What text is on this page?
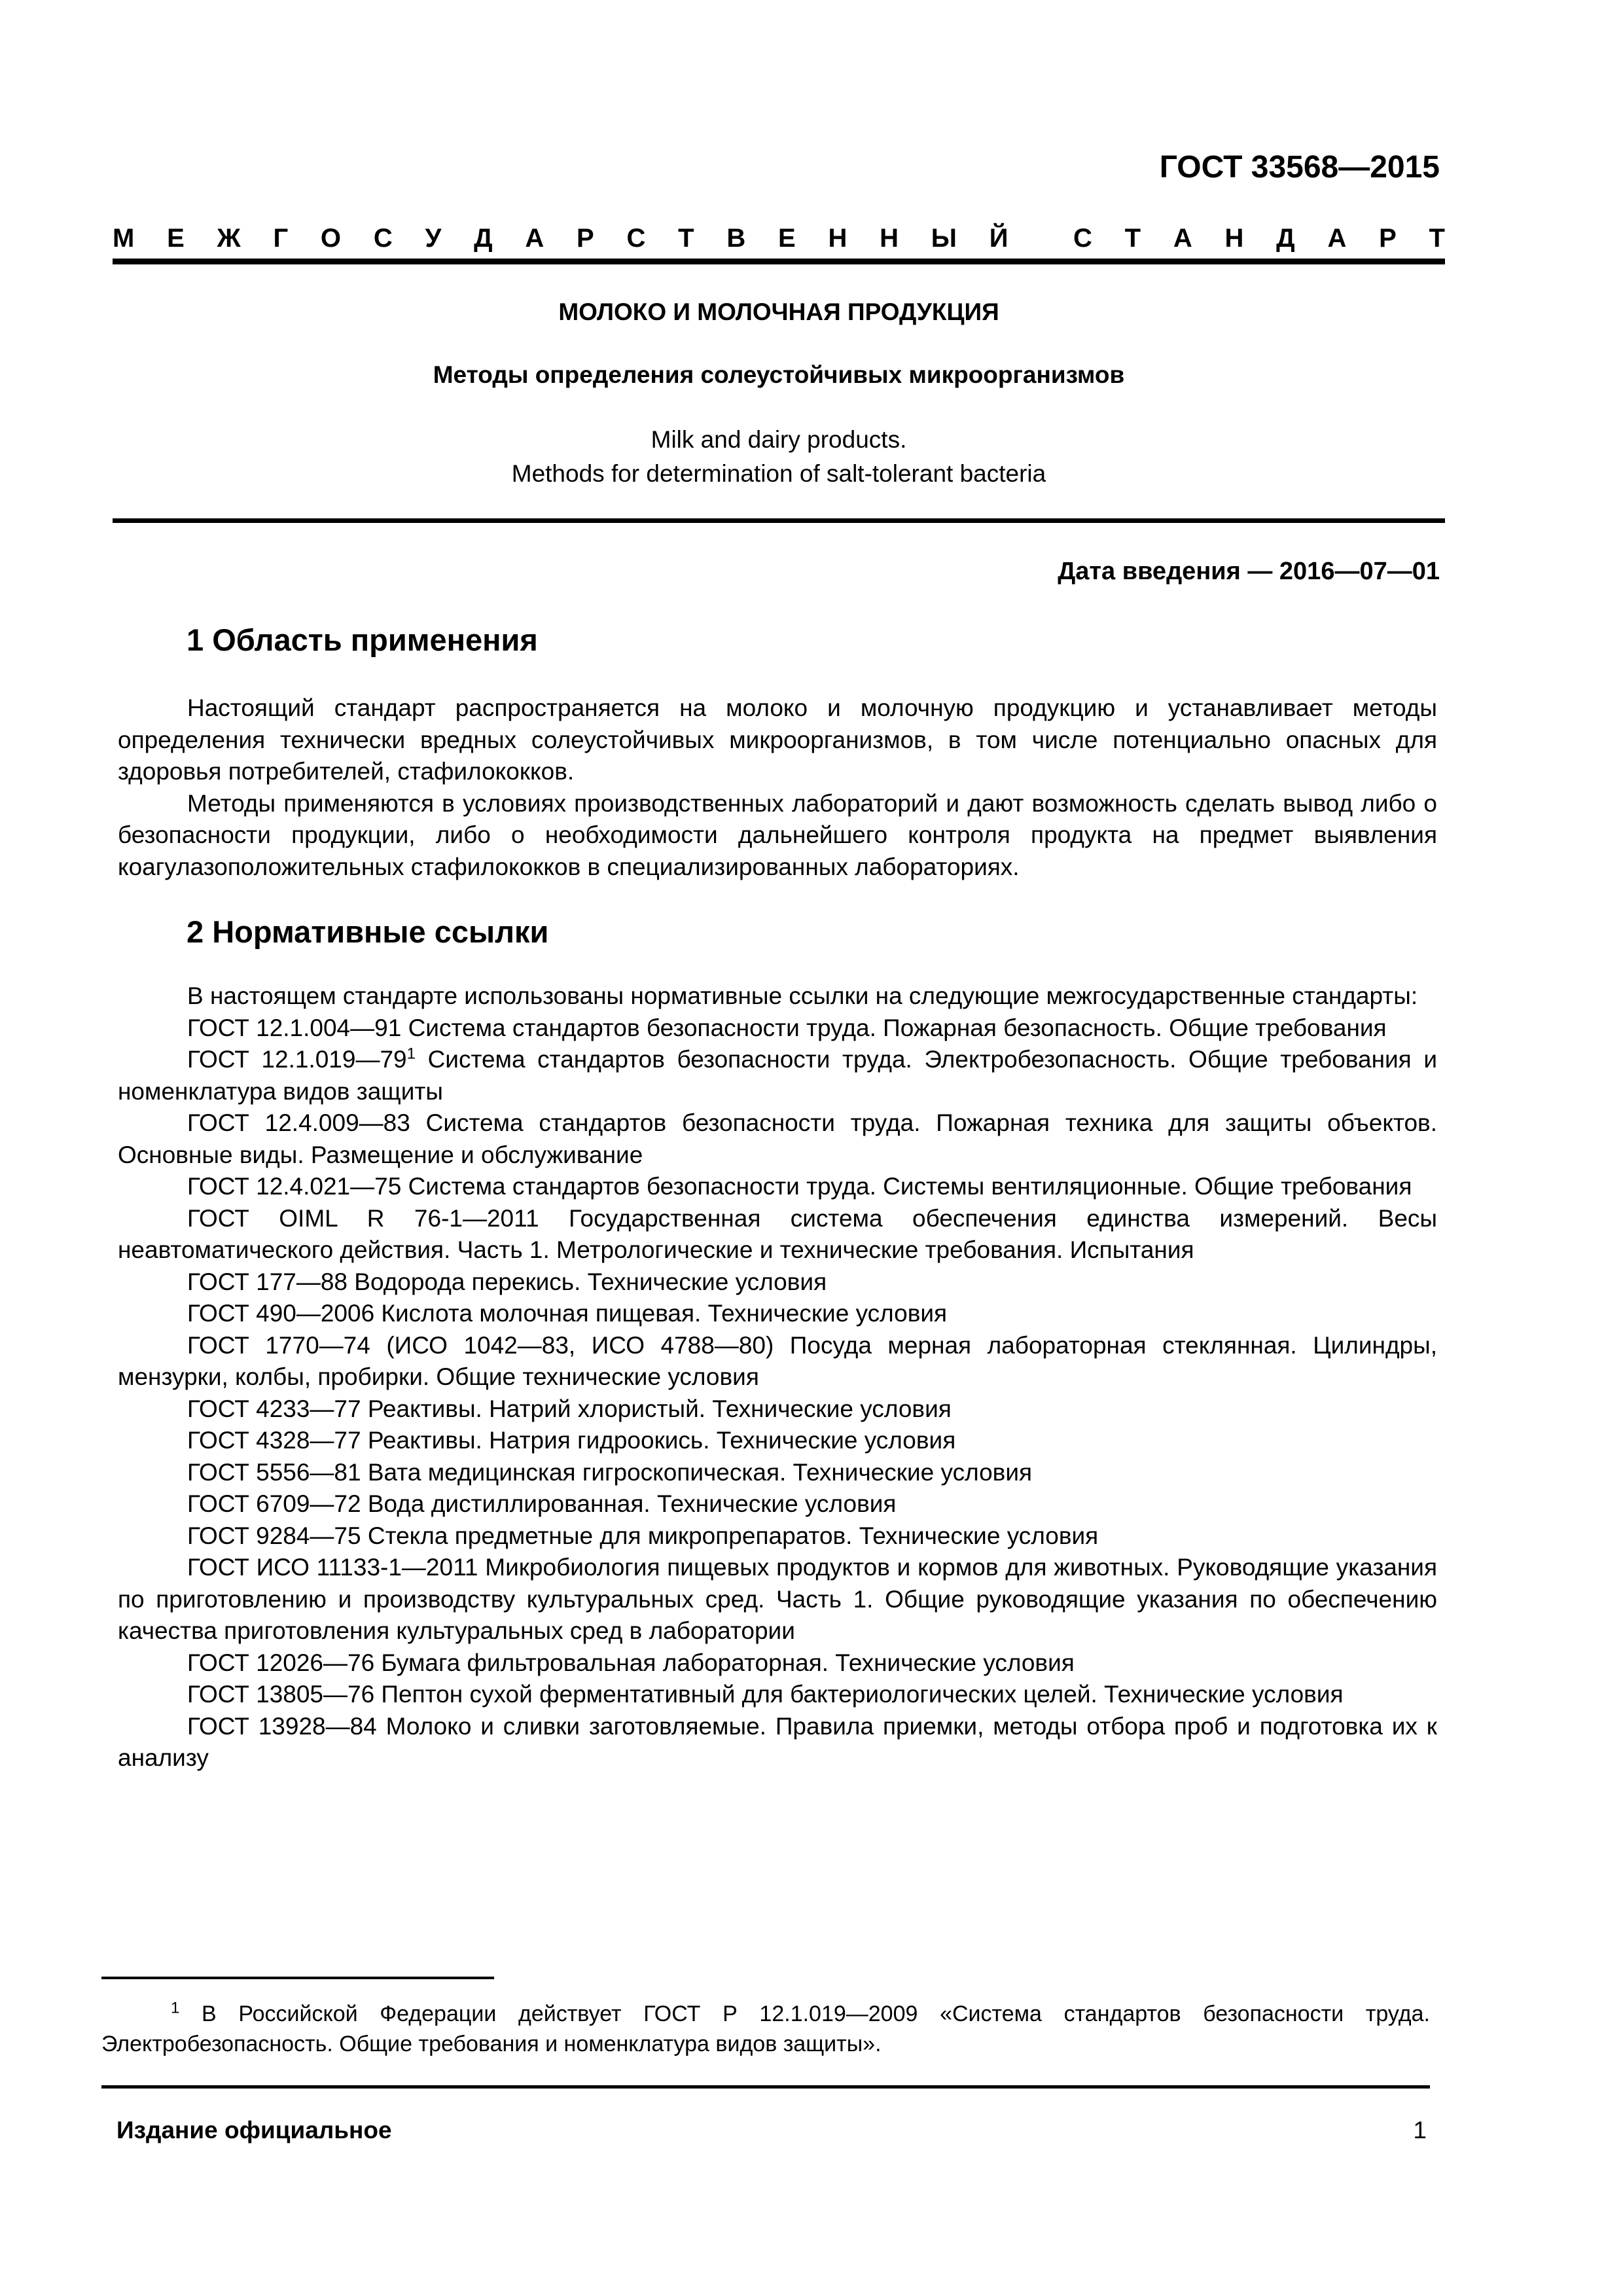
ГОСТ 33568—2015
М Е Ж Г О С У Д А Р С Т В Е Н Н Ы Й С Т А Н Д А Р Т
МОЛОКО И МОЛОЧНАЯ ПРОДУКЦИЯ
Методы определения солеустойчивых микроорганизмов
Milk and dairy products.
Methods for determination of salt-tolerant bacteria
Дата введения — 2016—07—01
1 Область применения

Настоящий стандарт распространяется на молоко и молочную продукцию и устанавливает методы определения технически вредных солеустойчивых микроорганизмов, в том числе потенциально опасных для здоровья потребителей, стафилококков.

Методы применяются в условиях производственных лабораторий и дают возможность сделать вывод либо о безопасности продукции, либо о необходимости дальнейшего контроля продукта на предмет выявления коагулазоположительных стафилококков в специализированных лабораториях.

2 Нормативные ссылки

В настоящем стандарте использованы нормативные ссылки на следующие межгосударственные стандарты:

ГОСТ 12.1.004—91 Система стандартов безопасности труда. Пожарная безопасность. Общие требования

ГОСТ $12.1.019—79^1$ Система стандартов безопасности труда. Электробезопасность. Общие требования и номенклатура видов защиты

ГОСТ 12.4.009—83 Система стандартов безопасности труда. Пожарная техника для защиты объектов. Основные виды. Размещение и обслуживание

ГОСТ 12.4.021—75 Система стандартов безопасности труда. Системы вентиляционные. Общие требования

ГОСТ OIML R 76-1—2011 Государственная система обеспечения единства измерений. Весы неавтоматического действия. Часть 1. Метрологические и технические требования. Испытания

ГОСТ 177—88 Водорода перекись. Технические условия

ГОСТ 490—2006 Кислота молочная пищевая. Технические условия

ГОСТ 1770—74 (ИСО 1042—83, ИСО 4788—80) Посуда мерная лабораторная стеклянная. Цилиндры, мензурки, колбы, пробирки. Общие технические условия

ГОСТ 4233—77 Реактивы. Натрий хлористый. Технические условия

ГОСТ 4328—77 Реактивы. Натрия гидроокись. Технические условия

ГОСТ 5556—81 Вата медицинская гигроскопическая. Технические условия

ГОСТ 6709—72 Вода дистиллированная. Технические условия

ГОСТ 9284—75 Стекла предметные для микропрепаратов. Технические условия

ГОСТ ИСО 11133-1—2011 Микробиология пищевых продуктов и кормов для животных. Руководящие указания по приготовлению и производству культуральных сред. Часть 1. Общие руководящие указания по обеспечению качества приготовления культуральных сред в лаборатории

ГОСТ 12026—76 Бумага фильтровальная лабораторная. Технические условия

ГОСТ 13805—76 Пептон сухой ферментативный для бактериологических целей. Технические условия

ГОСТ 13928—84 Молоко и сливки заготовляемые. Правила приемки, методы отбора проб и подготовка их к анализу

$^1$ В Российской Федерации действует ГОСТ Р 12.1.019—2009 «Система стандартов безопасности труда. Электробезопасность. Общие требования и номенклатура видов защиты».

Издание официальное	1
